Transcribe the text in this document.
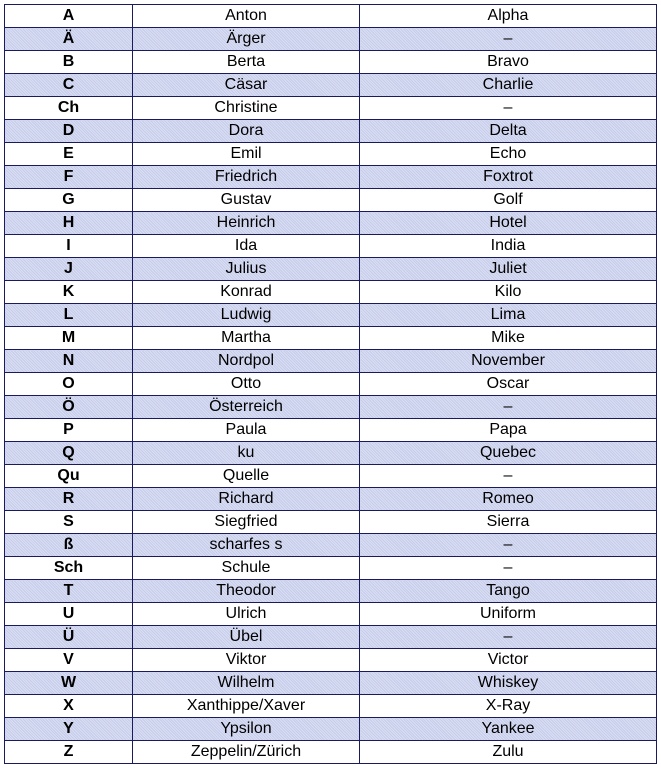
A	Anton	Alpha
Ä	Ärger	–
B	Berta	Bravo
C	Cäsar	Charlie
Ch	Christine	–
D	Dora	Delta
E	Emil	Echo
F	Friedrich	Foxtrot
G	Gustav	Golf
H	Heinrich	Hotel
I	Ida	India
J	Julius	Juliet
K	Konrad	Kilo
L	Ludwig	Lima
M	Martha	Mike
N	Nordpol	November
O	Otto	Oscar
Ö	Österreich	–
P	Paula	Papa
Q	ku	Quebec
Qu	Quelle	–
R	Richard	Romeo
S	Siegfried	Sierra
ß	scharfes s	–
Sch	Schule	–
T	Theodor	Tango
U	Ulrich	Uniform
Ü	Übel	–
V	Viktor	Victor
W	Wilhelm	Whiskey
X	Xanthippe/Xaver	X-Ray
Y	Ypsilon	Yankee
Z	Zeppelin/Zürich	Zulu
